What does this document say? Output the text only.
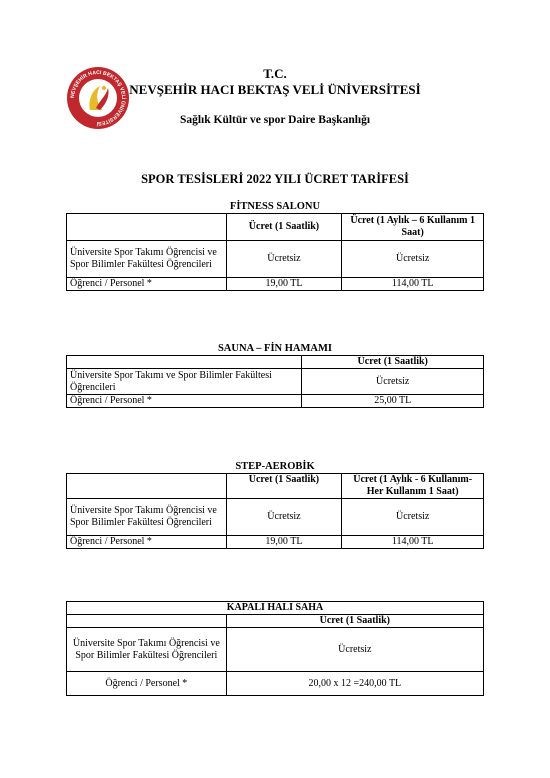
NEVŞEHİR HACI BEKTAŞ VELİ ÜNİVERSİTESİ
T.C.
NEVŞEHİR HACI BEKTAŞ VELİ ÜNİVERSİTESİ
Sağlık Kültür ve spor Daire Başkanlığı
SPOR TESİSLERİ 2022 YILI ÜCRET TARİFESİ
FİTNESS SALONU
	Ücret (1 Saatlik)	Ücret (1 Aylık – 6 Kullanım 1 Saat)
Üniversite Spor Takımı Öğrencisi ve Spor Bilimler Fakültesi Öğrencileri	Ücretsiz	Ücretsiz
Öğrenci / Personel *	19,00 TL	114,00 TL
SAUNA – FİN HAMAMI
	Ücret (1 Saatlik)
Üniversite Spor Takımı ve Spor Bilimler Fakültesi Öğrencileri	Ücretsiz
Öğrenci / Personel *	25,00 TL
STEP-AEROBİK
	Ücret (1 Saatlik)	Ücret (1 Aylık - 6 Kullanım- Her Kullanım 1 Saat)
Üniversite Spor Takımı Öğrencisi ve Spor Bilimler Fakültesi Öğrencileri	Ücretsiz	Ücretsiz
Öğrenci / Personel *	19,00 TL	114,00 TL
KAPALI HALI SAHA	
	Ücret (1 Saatlik)
Üniversite Spor Takımı Öğrencisi ve Spor Bilimler Fakültesi Öğrencileri	Ücretsiz
Öğrenci / Personel *	20,00 x 12 =240,00 TL
